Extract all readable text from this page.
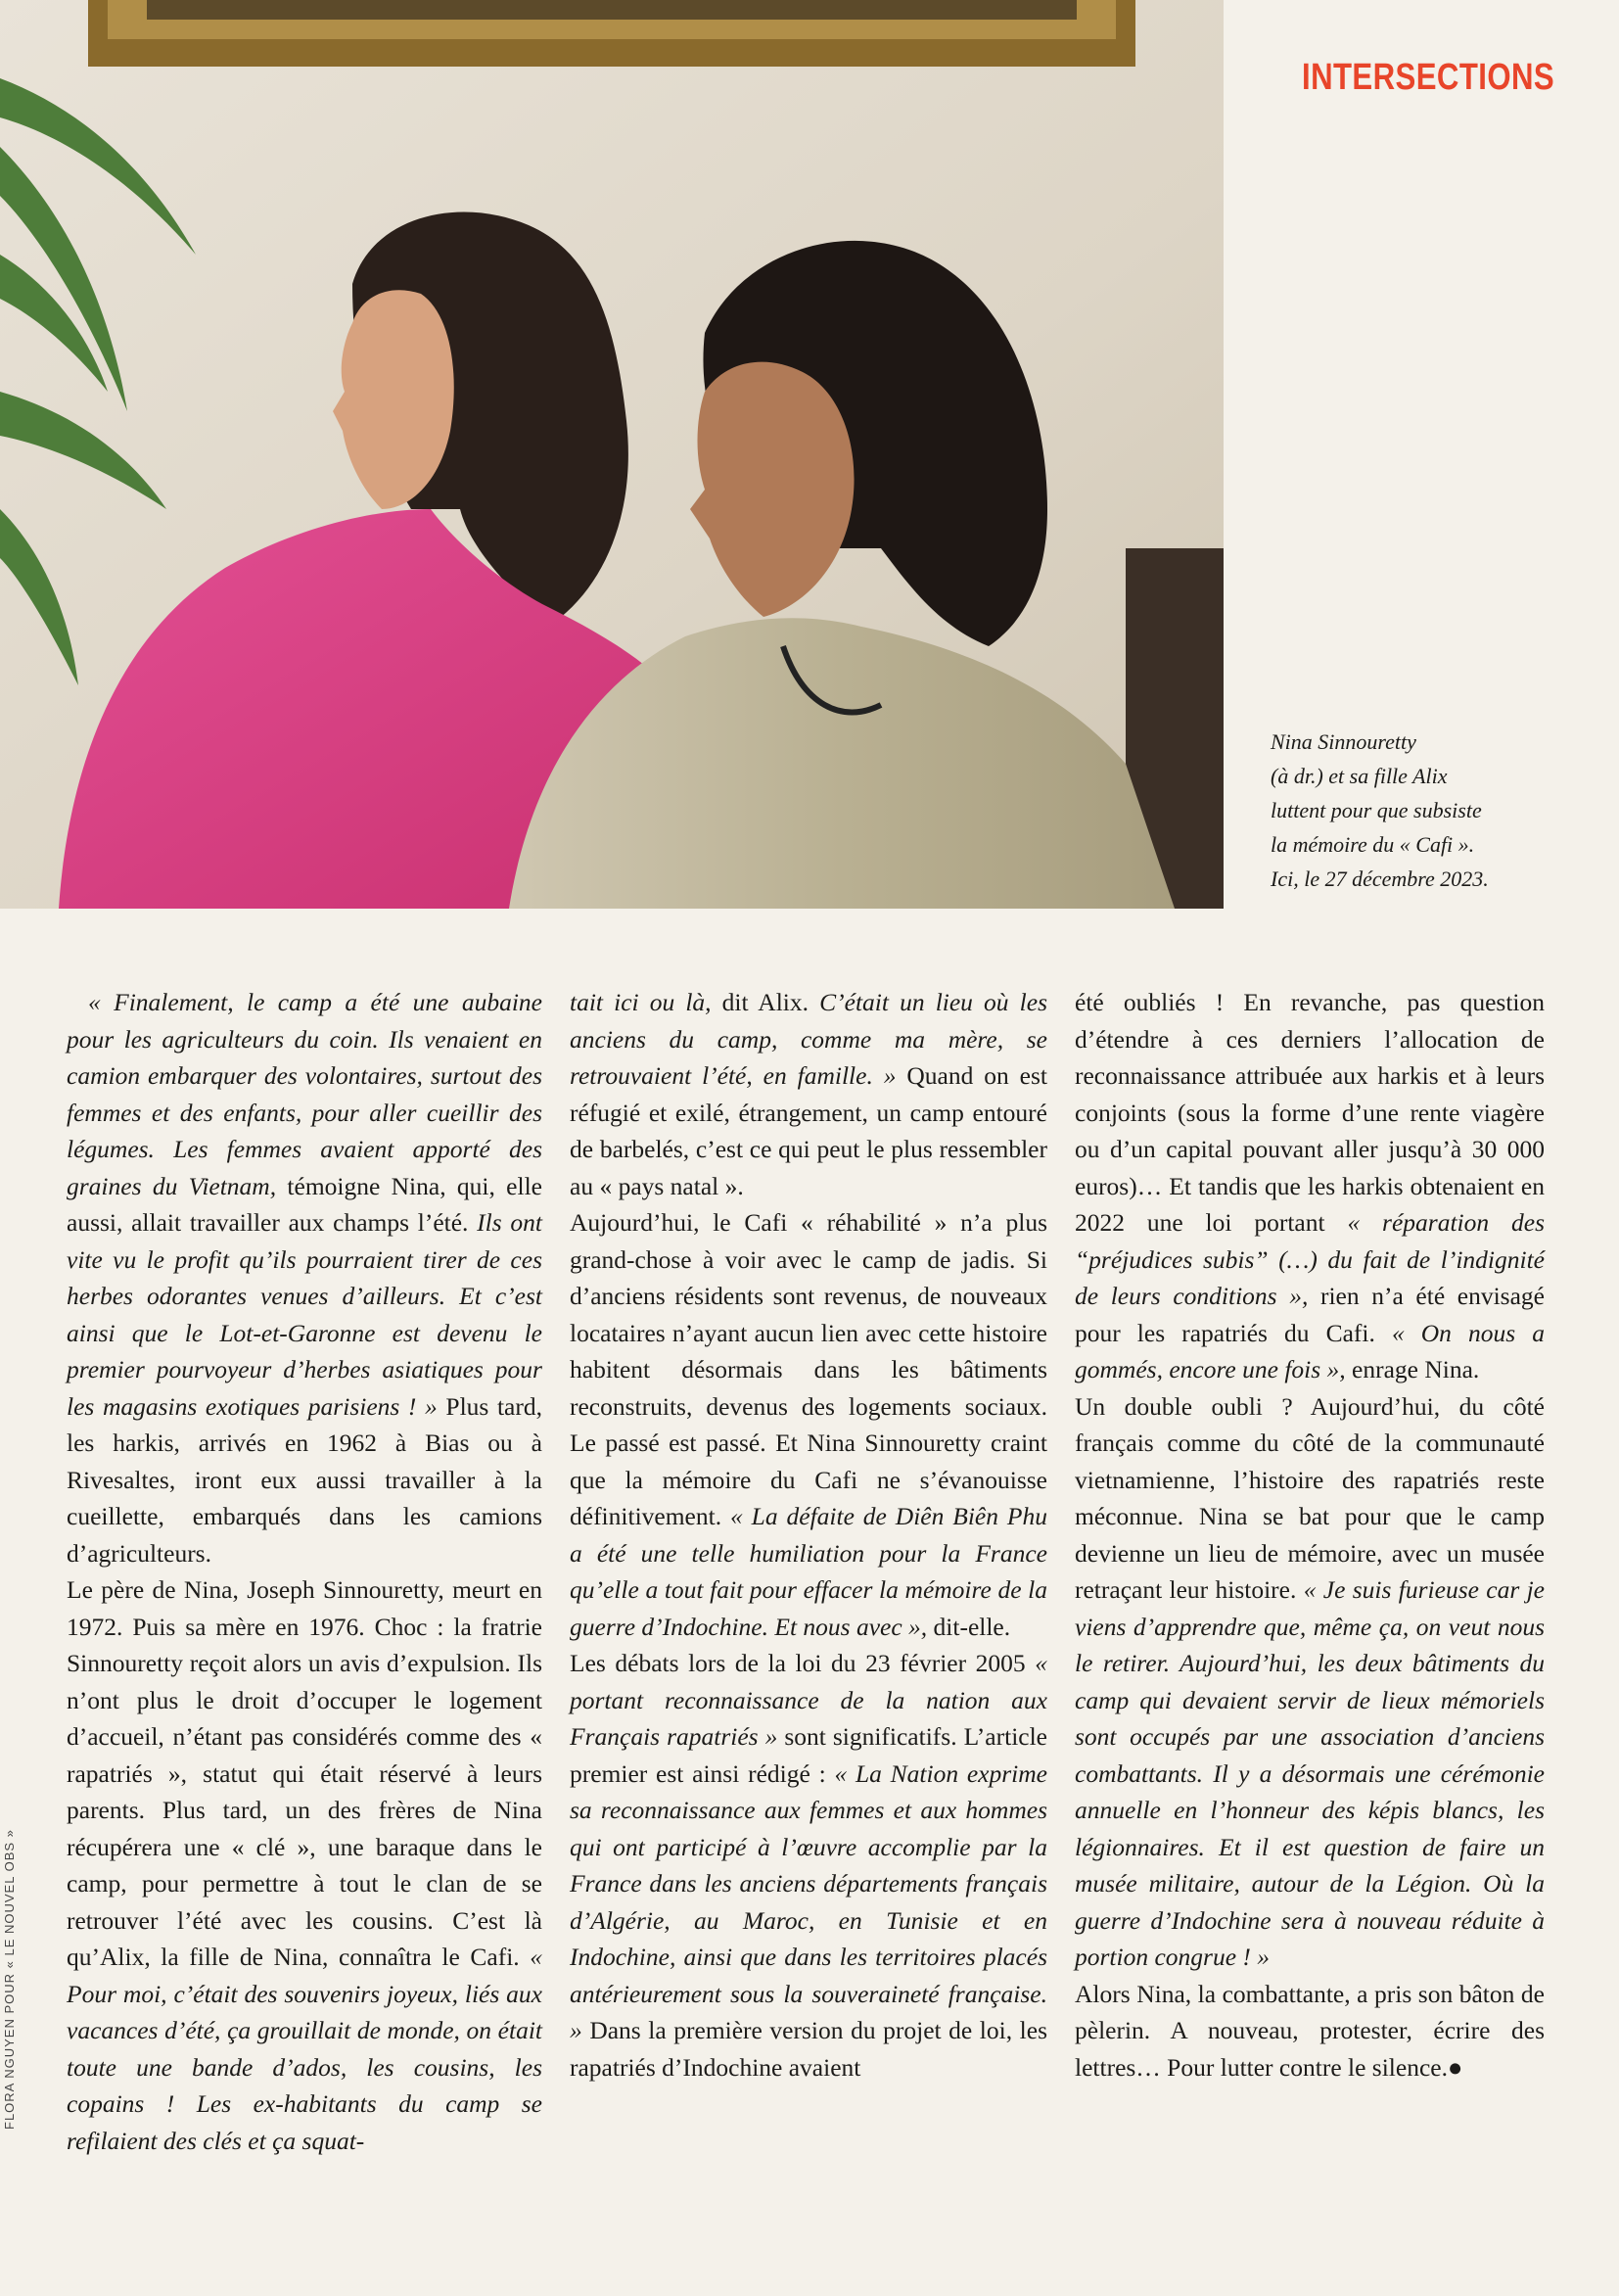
INTERSECTIONS
Nina Sinnouretty
(à dr.) et sa fille Alix
luttent pour que subsiste
la mémoire du « Cafi ».
Ici, le 27 décembre 2023.
FLORA NGUYEN POUR « LE NOUVEL OBS »

« Finalement, le camp a été une aubaine pour les agriculteurs du coin. Ils venaient en camion embarquer des volontaires, surtout des femmes et des enfants, pour aller cueillir des légumes. Les femmes avaient apporté des graines du Vietnam, témoigne Nina, qui, elle aussi, allait travailler aux champs l’été. Ils ont vite vu le profit qu’ils pourraient tirer de ces herbes odorantes venues d’ailleurs. Et c’est ainsi que le Lot-et-Garonne est devenu le premier pourvoyeur d’herbes asiatiques pour les magasins exotiques parisiens ! » Plus tard, les harkis, arrivés en 1962 à Bias ou à Rivesaltes, iront eux aussi travailler à la cueillette, embarqués dans les camions d’agriculteurs.

Le père de Nina, Joseph Sinnouretty, meurt en 1972. Puis sa mère en 1976. Choc : la fratrie Sinnouretty reçoit alors un avis d’expulsion. Ils n’ont plus le droit d’occuper le logement d’accueil, n’étant pas considérés comme des « rapatriés », statut qui était réservé à leurs parents. Plus tard, un des frères de Nina récupérera une « clé », une baraque dans le camp, pour permettre à tout le clan de se retrouver l’été avec les cousins. C’est là qu’Alix, la fille de Nina, connaîtra le Cafi. « Pour moi, c’était des souvenirs joyeux, liés aux vacances d’été, ça grouillait de monde, on était toute une bande d’ados, les cousins, les copains ! Les ex-habitants du camp se refilaient des clés et ça squat-

tait ici ou là, dit Alix. C’était un lieu où les anciens du camp, comme ma mère, se retrouvaient l’été, en famille. » Quand on est réfugié et exilé, étrangement, un camp entouré de barbelés, c’est ce qui peut le plus ressembler au « pays natal ».

Aujourd’hui, le Cafi « réhabilité » n’a plus grand-chose à voir avec le camp de jadis. Si d’anciens résidents sont revenus, de nouveaux locataires n’ayant aucun lien avec cette histoire habitent désormais dans les bâtiments reconstruits, devenus des logements sociaux. Le passé est passé. Et Nina Sinnouretty craint que la mémoire du Cafi ne s’évanouisse définitivement. « La défaite de Diên Biên Phu a été une telle humiliation pour la France qu’elle a tout fait pour effacer la mémoire de la guerre d’Indochine. Et nous avec », dit-elle.

Les débats lors de la loi du 23 février 2005 « portant reconnaissance de la nation aux Français rapatriés » sont significatifs. L’article premier est ainsi rédigé : « La Nation exprime sa reconnaissance aux femmes et aux hommes qui ont participé à l’œuvre accomplie par la France dans les anciens départements français d’Algérie, au Maroc, en Tunisie et en Indochine, ainsi que dans les territoires placés antérieurement sous la souveraineté française. » Dans la première version du projet de loi, les rapatriés d’Indochine avaient

été oubliés ! En revanche, pas question d’étendre à ces derniers l’allocation de reconnaissance attribuée aux harkis et à leurs conjoints (sous la forme d’une rente viagère ou d’un capital pouvant aller jusqu’à 30 000 euros)… Et tandis que les harkis obtenaient en 2022 une loi portant « réparation des “préjudices subis” (…) du fait de l’indignité de leurs conditions », rien n’a été envisagé pour les rapatriés du Cafi. « On nous a gommés, encore une fois », enrage Nina.

Un double oubli ? Aujourd’hui, du côté français comme du côté de la communauté vietnamienne, l’histoire des rapatriés reste méconnue. Nina se bat pour que le camp devienne un lieu de mémoire, avec un musée retraçant leur histoire. « Je suis furieuse car je viens d’apprendre que, même ça, on veut nous le retirer. Aujourd’hui, les deux bâtiments du camp qui devaient servir de lieux mémoriels sont occupés par une association d’anciens combattants. Il y a désormais une cérémonie annuelle en l’honneur des képis blancs, les légionnaires. Et il est question de faire un musée militaire, autour de la Légion. Où la guerre d’Indochine sera à nouveau réduite à portion congrue ! »

Alors Nina, la combattante, a pris son bâton de pèlerin. A nouveau, protester, écrire des lettres… Pour lutter contre le silence.●
